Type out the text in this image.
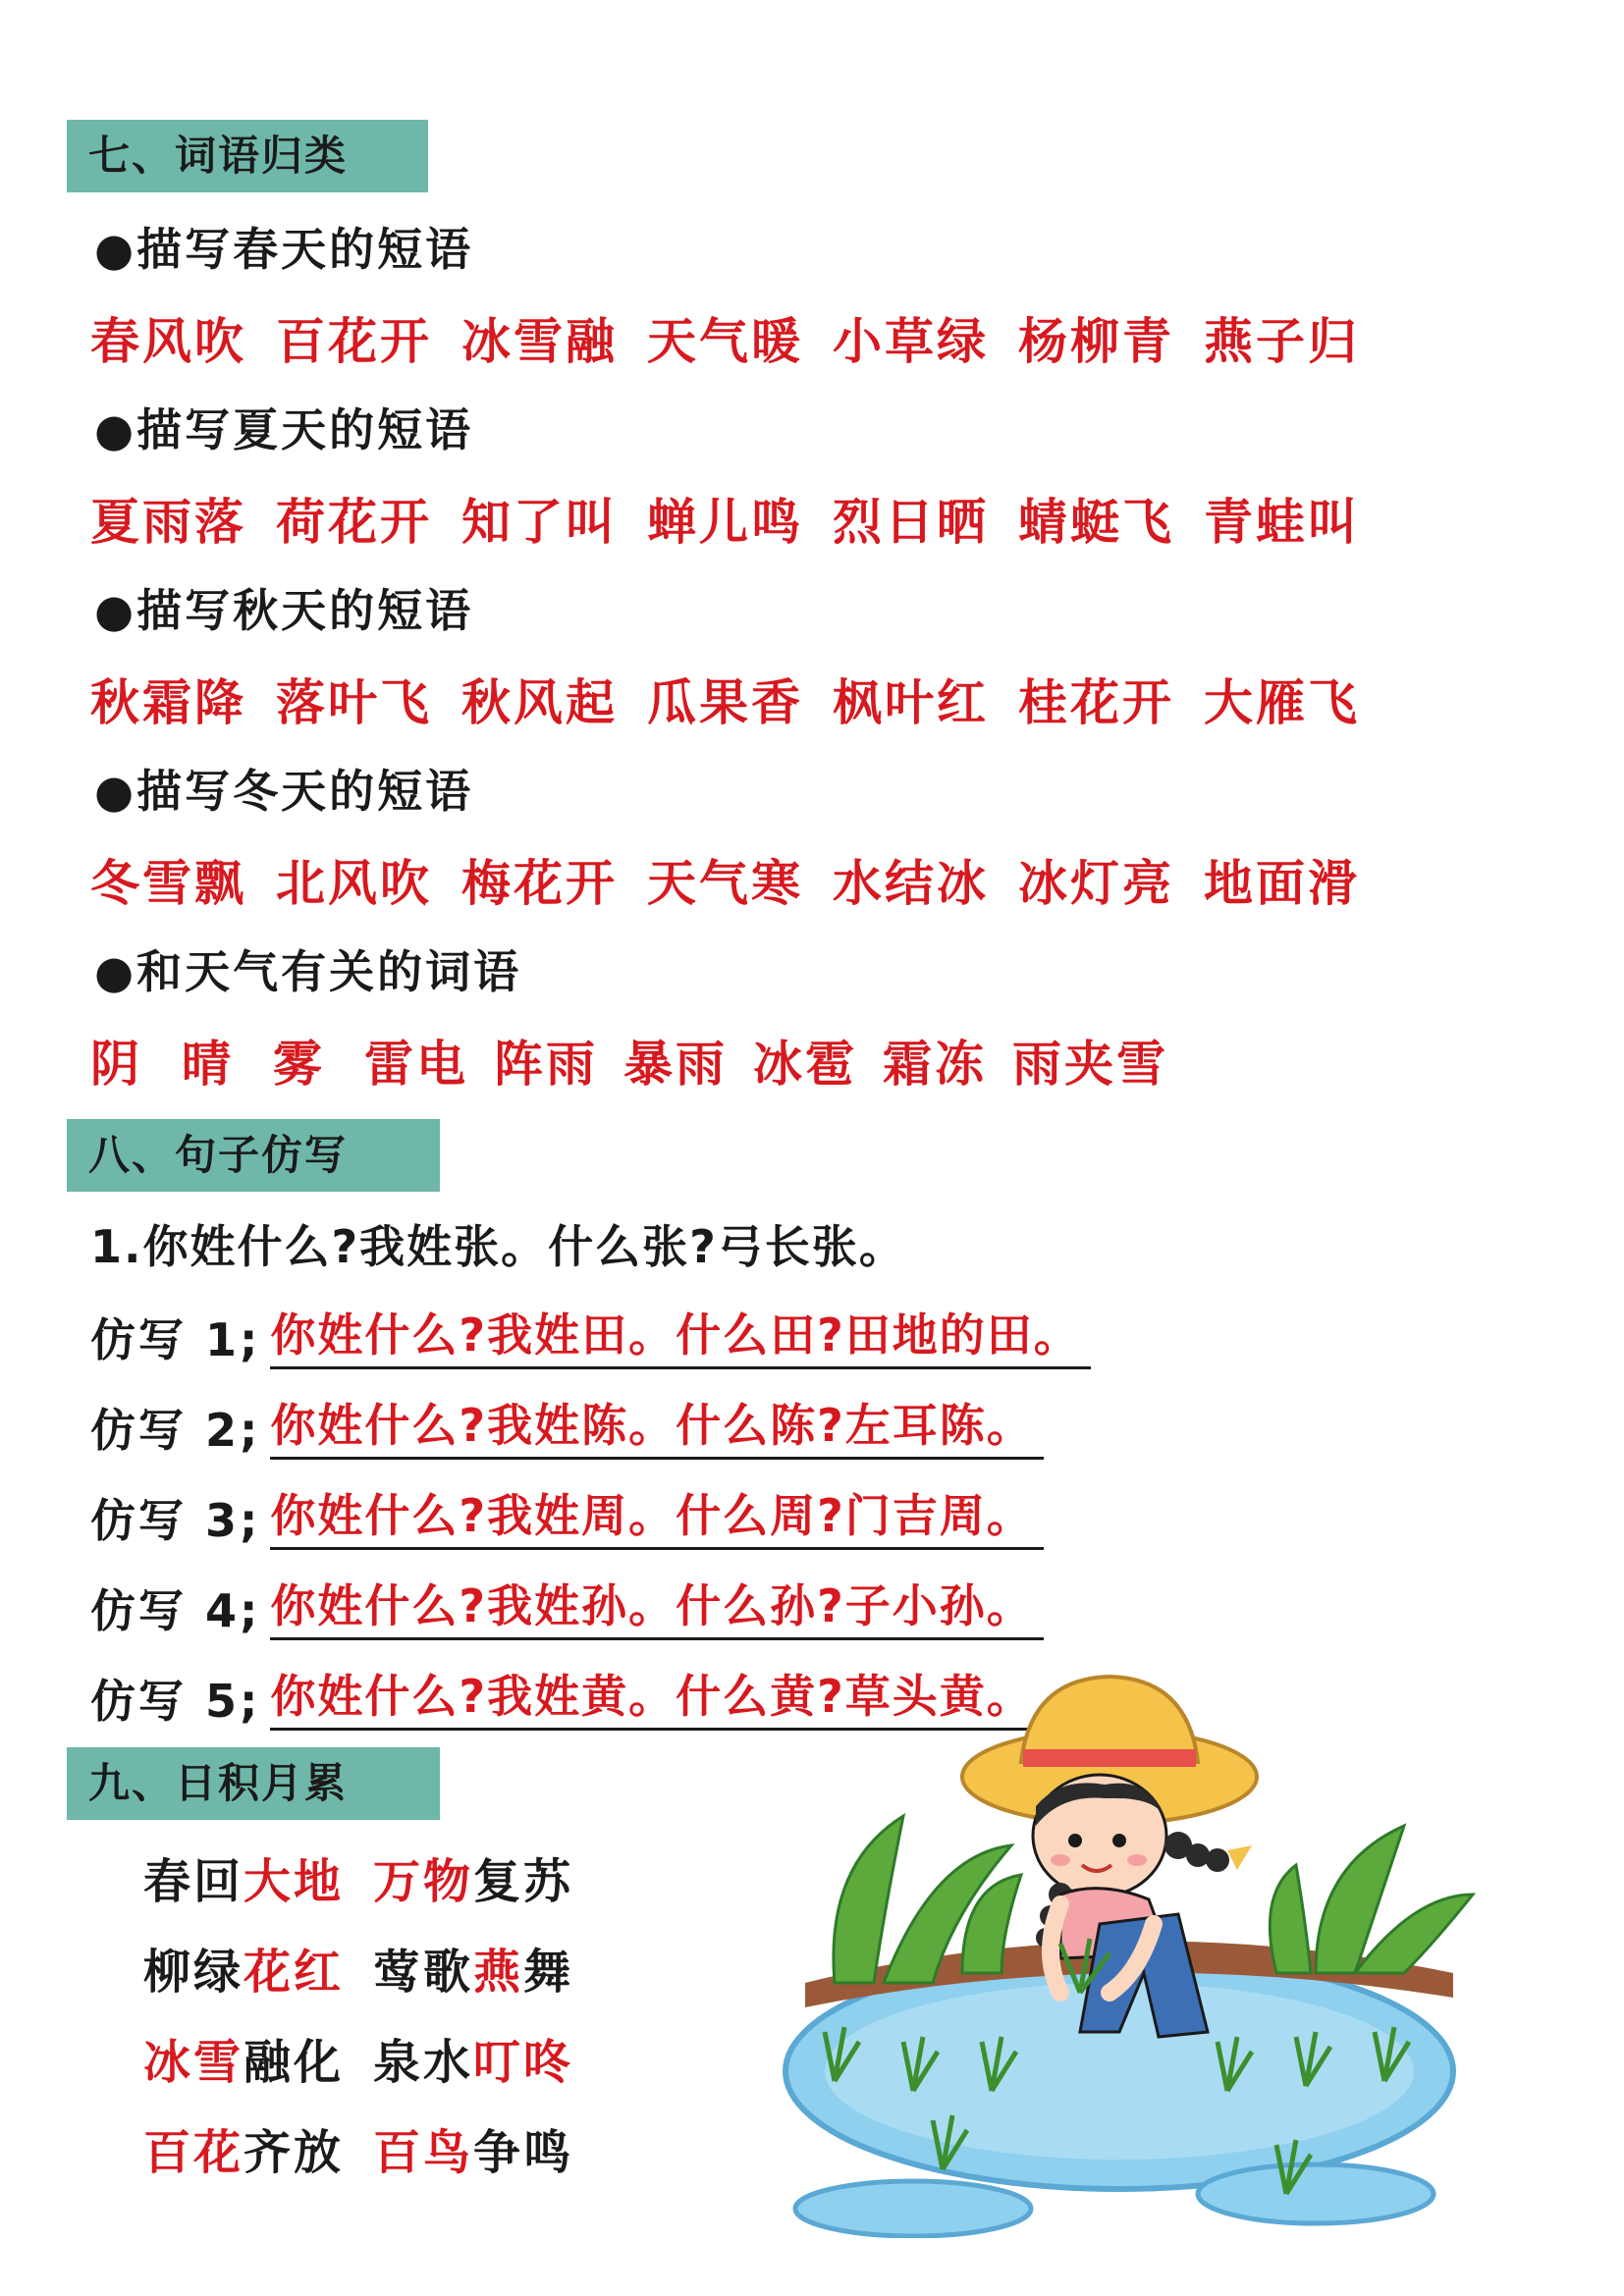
七、词语归类
●描写春天的短语
春风吹 百花开 冰雪融 天气暖 小草绿 杨柳青 燕子归
●描写夏天的短语
夏雨落 荷花开 知了叫 蝉儿鸣 烈日晒 蜻蜓飞 青蛙叫
●描写秋天的短语
秋霜降 落叶飞 秋风起 瓜果香 枫叶红 桂花开 大雁飞
●描写冬天的短语
冬雪飘 北风吹 梅花开 天气寒 水结冰 冰灯亮 地面滑
●和天气有关的词语
阴 晴 雾 雷电 阵雨 暴雨 冰雹 霜冻 雨夹雪
八、句子仿写
1.你姓什么?我姓张。什么张?弓长张。
仿写 1; 你姓什么?我姓田。什么田?田地的田。
仿写 2; 你姓什么?我姓陈。什么陈?左耳陈。
仿写 3; 你姓什么?我姓周。什么周?门吉周。
仿写 4; 你姓什么?我姓孙。什么孙?子小孙。
仿写 5; 你姓什么?我姓黄。什么黄?草头黄。
九、日积月累
春回大地 万物复苏
柳绿花红 莺歌燕舞
冰雪融化 泉水叮咚
百花齐放 百鸟争鸣
